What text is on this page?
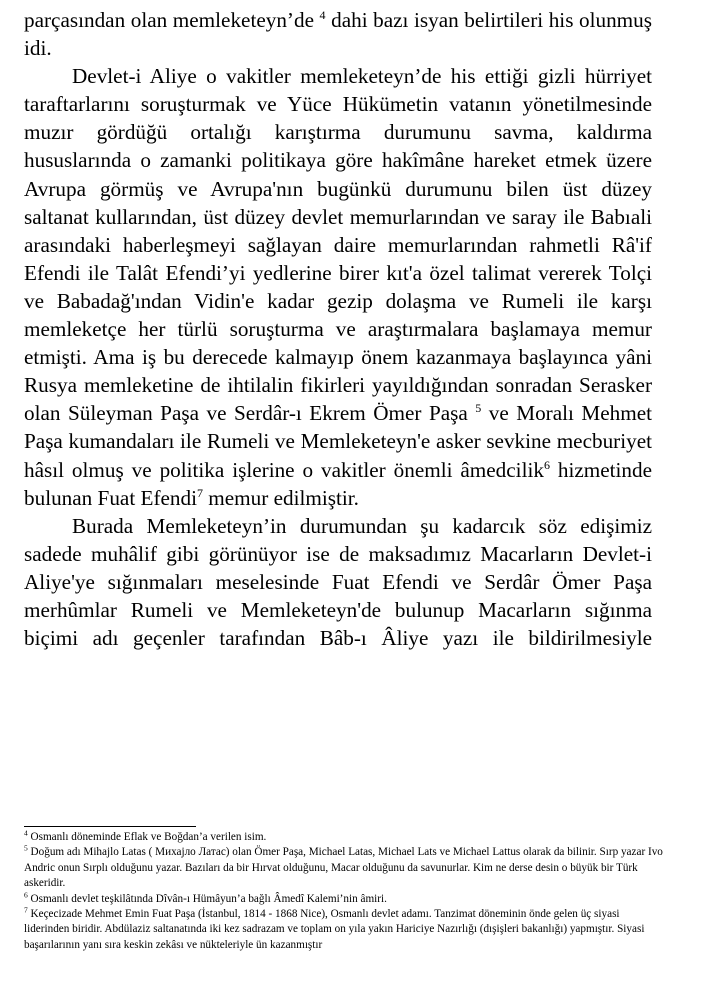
parçasından olan memleketeyn’de $^4$ dahi bazı isyan belirtileri his olunmuş idi.

Devlet-i Aliye o vakitler memleketeyn’de his ettiği gizli hürriyet taraftarlarını soruşturmak ve Yüce Hükümetin vatanın yönetilmesinde muzır gördüğü ortalığı karıştırma durumunu savma, kaldırma hususlarında o zamanki politikaya göre hakîmâne hareket etmek üzere Avrupa görmüş ve Avrupa'nın bugünkü durumunu bilen üst düzey saltanat kullarından, üst düzey devlet memurlarından ve saray ile Babıali arasındaki haberleşmeyi sağlayan daire memurlarından rahmetli Râ'if Efendi ile Talât Efendi’yi yedlerine birer kıt'a özel talimat vererek Tolçi ve Babadağ'ından Vidin'e kadar gezip dolaşma ve Rumeli ile karşı memleketçe her türlü soruşturma ve araştırmalara başlamaya memur etmişti. Ama iş bu derecede kalmayıp önem kazanmaya başlayınca yâni Rusya memleketine de ihtilalin fikirleri yayıldığından sonradan Serasker olan Süleyman Paşa ve Serdâr-ı Ekrem Ömer Paşa $^5$ ve Moralı Mehmet Paşa kumandaları ile Rumeli ve Memleketeyn'e asker sevkine mecburiyet hâsıl olmuş ve politika işlerine o vakitler önemli âmedcilik$^6$ hizmetinde bulunan Fuat Efendi$^7$ memur edilmiştir.

Burada Memleketeyn’in durumundan şu kadarcık söz edişimiz sadede muhâlif gibi görünüyor ise de maksadımız Macarların Devlet-i Aliye'ye sığınmaları meselesinde Fuat Efendi ve Serdâr Ömer Paşa merhûmlar Rumeli ve Memleketeyn'de bulunup Macarların sığınma biçimi adı geçenler tarafından Bâb-ı Âliye yazı ile bildirilmesiyle

$^4$ Osmanlı döneminde Eflak ve Boğdan’a verilen isim.

$^5$ Doğum adı Mihajlo Latas ( Михајло Латас) olan Ömer Paşa, Michael Latas, Michael Lats ve Michael Lattus olarak da bilinir. Sırp yazar Ivo Andric onun Sırplı olduğunu yazar. Bazıları da bir Hırvat olduğunu, Macar olduğunu da savunurlar. Kim ne derse desin o büyük bir Türk askeridir.

$^6$ Osmanlı devlet teşkilâtında Dîvân-ı Hümâyun’a bağlı Âmedî Kalemi’nin âmiri.

$^7$ Keçecizade Mehmet Emin Fuat Paşa (İstanbul, 1814 - 1868 Nice), Osmanlı devlet adamı. Tanzimat döneminin önde gelen üç siyasi liderinden biridir. Abdülaziz saltanatında iki kez sadrazam ve toplam on yıla yakın Hariciye Nazırlığı (dışişleri bakanlığı) yapmıştır. Siyasi başarılarının yanı sıra keskin zekâsı ve nükteleriyle ün kazanmıştır
